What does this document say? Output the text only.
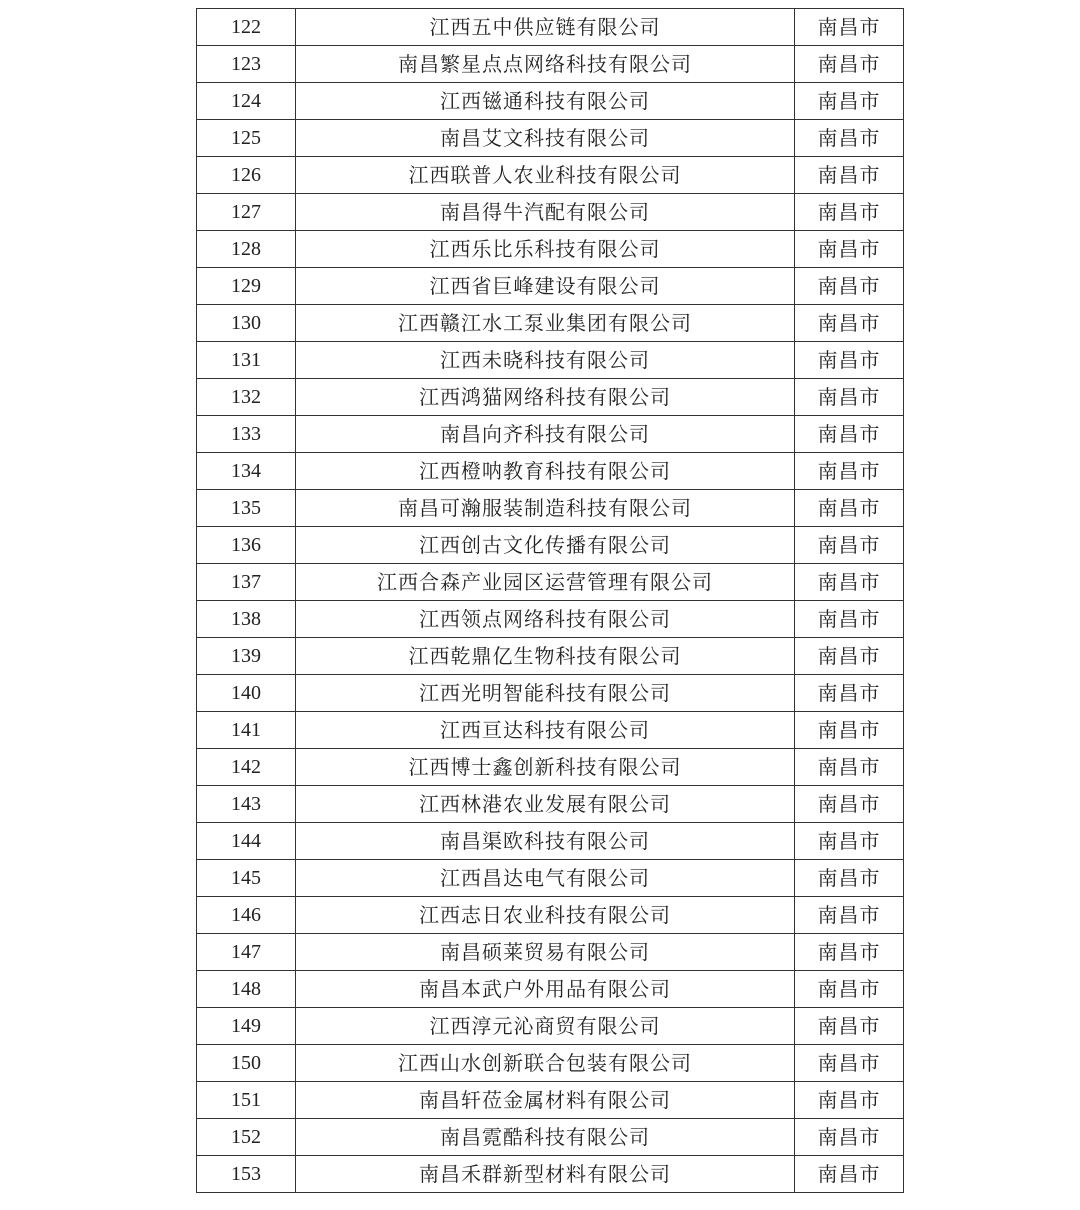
122	江西五中供应链有限公司	南昌市
123	南昌繁星点点网络科技有限公司	南昌市
124	江西镃通科技有限公司	南昌市
125	南昌艾文科技有限公司	南昌市
126	江西联普人农业科技有限公司	南昌市
127	南昌得牛汽配有限公司	南昌市
128	江西乐比乐科技有限公司	南昌市
129	江西省巨峰建设有限公司	南昌市
130	江西赣江水工泵业集团有限公司	南昌市
131	江西未晓科技有限公司	南昌市
132	江西鸿猫网络科技有限公司	南昌市
133	南昌向齐科技有限公司	南昌市
134	江西橙呐教育科技有限公司	南昌市
135	南昌可瀚服装制造科技有限公司	南昌市
136	江西创古文化传播有限公司	南昌市
137	江西合森产业园区运营管理有限公司	南昌市
138	江西领点网络科技有限公司	南昌市
139	江西乾鼎亿生物科技有限公司	南昌市
140	江西光明智能科技有限公司	南昌市
141	江西亘达科技有限公司	南昌市
142	江西博士鑫创新科技有限公司	南昌市
143	江西林港农业发展有限公司	南昌市
144	南昌渠欧科技有限公司	南昌市
145	江西昌达电气有限公司	南昌市
146	江西志日农业科技有限公司	南昌市
147	南昌硕莱贸易有限公司	南昌市
148	南昌本武户外用品有限公司	南昌市
149	江西淳元沁商贸有限公司	南昌市
150	江西山水创新联合包装有限公司	南昌市
151	南昌轩莅金属材料有限公司	南昌市
152	南昌霓酷科技有限公司	南昌市
153	南昌禾群新型材料有限公司	南昌市
